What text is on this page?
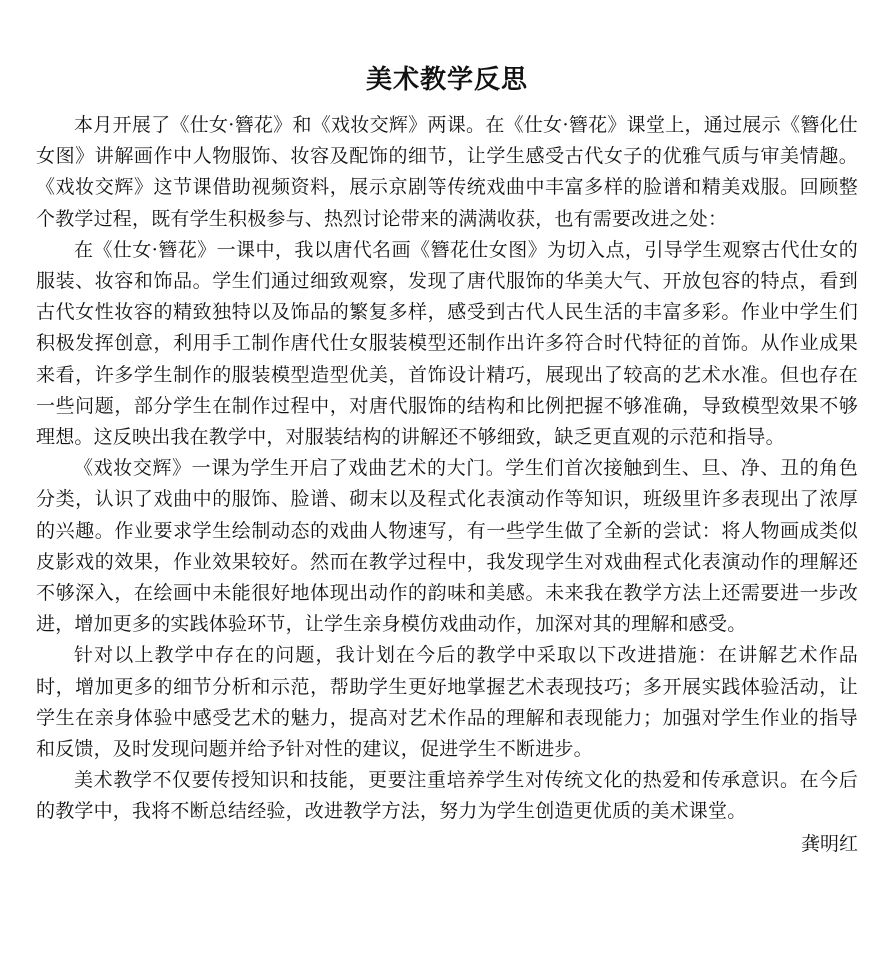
美术教学反思

本月开展了《仕女·簪花》和《戏妆交辉》两课。在《仕女·簪花》课堂上，通过展示《簪化仕女图》讲解画作中人物服饰、妆容及配饰的细节，让学生感受古代女子的优雅气质与审美情趣。《戏妆交辉》这节课借助视频资料，展示京剧等传统戏曲中丰富多样的脸谱和精美戏服。回顾整个教学过程，既有学生积极参与、热烈讨论带来的满满收获，也有需要改进之处：

在《仕女·簪花》一课中，我以唐代名画《簪花仕女图》为切入点，引导学生观察古代仕女的服装、妆容和饰品。学生们通过细致观察，发现了唐代服饰的华美大气、开放包容的特点，看到古代女性妆容的精致独特以及饰品的繁复多样，感受到古代人民生活的丰富多彩。作业中学生们积极发挥创意，利用手工制作唐代仕女服装模型还制作出许多符合时代特征的首饰。从作业成果来看，许多学生制作的服装模型造型优美，首饰设计精巧，展现出了较高的艺术水准。但也存在一些问题，部分学生在制作过程中，对唐代服饰的结构和比例把握不够准确，导致模型效果不够理想。这反映出我在教学中，对服装结构的讲解还不够细致，缺乏更直观的示范和指导。

《戏妆交辉》一课为学生开启了戏曲艺术的大门。学生们首次接触到生、旦、净、丑的角色分类，认识了戏曲中的服饰、脸谱、砌末以及程式化表演动作等知识，班级里许多表现出了浓厚的兴趣。作业要求学生绘制动态的戏曲人物速写，有一些学生做了全新的尝试：将人物画成类似皮影戏的效果，作业效果较好。然而在教学过程中，我发现学生对戏曲程式化表演动作的理解还不够深入，在绘画中未能很好地体现出动作的韵味和美感。未来我在教学方法上还需要进一步改进，增加更多的实践体验环节，让学生亲身模仿戏曲动作，加深对其的理解和感受。

针对以上教学中存在的问题，我计划在今后的教学中采取以下改进措施：在讲解艺术作品时，增加更多的细节分析和示范，帮助学生更好地掌握艺术表现技巧；多开展实践体验活动，让学生在亲身体验中感受艺术的魅力，提高对艺术作品的理解和表现能力；加强对学生作业的指导和反馈，及时发现问题并给予针对性的建议，促进学生不断进步。

美术教学不仅要传授知识和技能，更要注重培养学生对传统文化的热爱和传承意识。在今后的教学中，我将不断总结经验，改进教学方法，努力为学生创造更优质的美术课堂。

龚明红
